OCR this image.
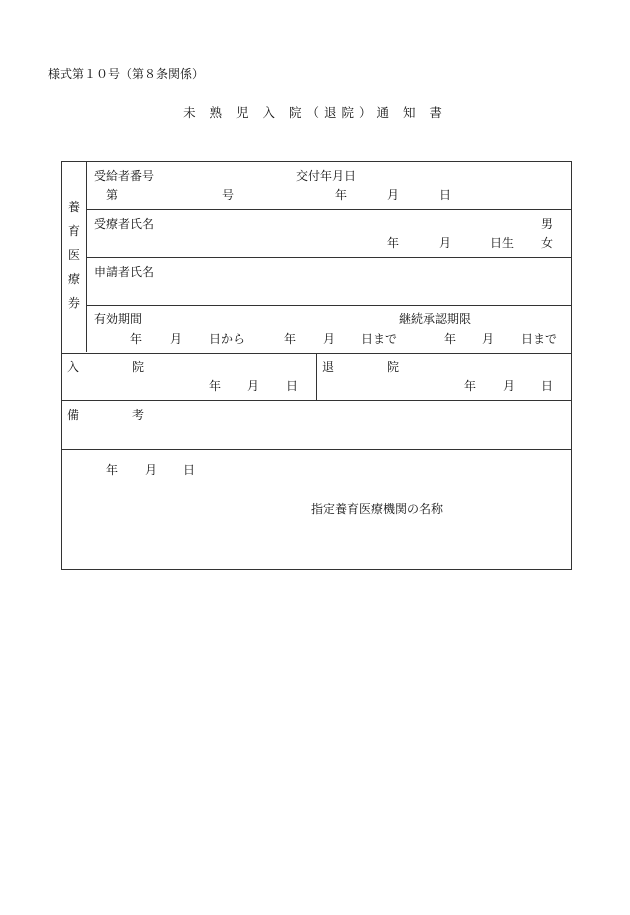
様式第１０号（第８条関係）
未 熟 児 入 院（退院）通 知 書
養
育
医
療
券
受給者番号
第	号
交付年月日
年	月	日
受療者氏名	男
年	月	日生 女
申請者氏名
有効期間	継続承認期限
年 月 日から	年 月 日まで	年 月 日まで
入	院
年 月 日
退	院
年 月 日
備	考
年 月 日
指定養育医療機関の名称
